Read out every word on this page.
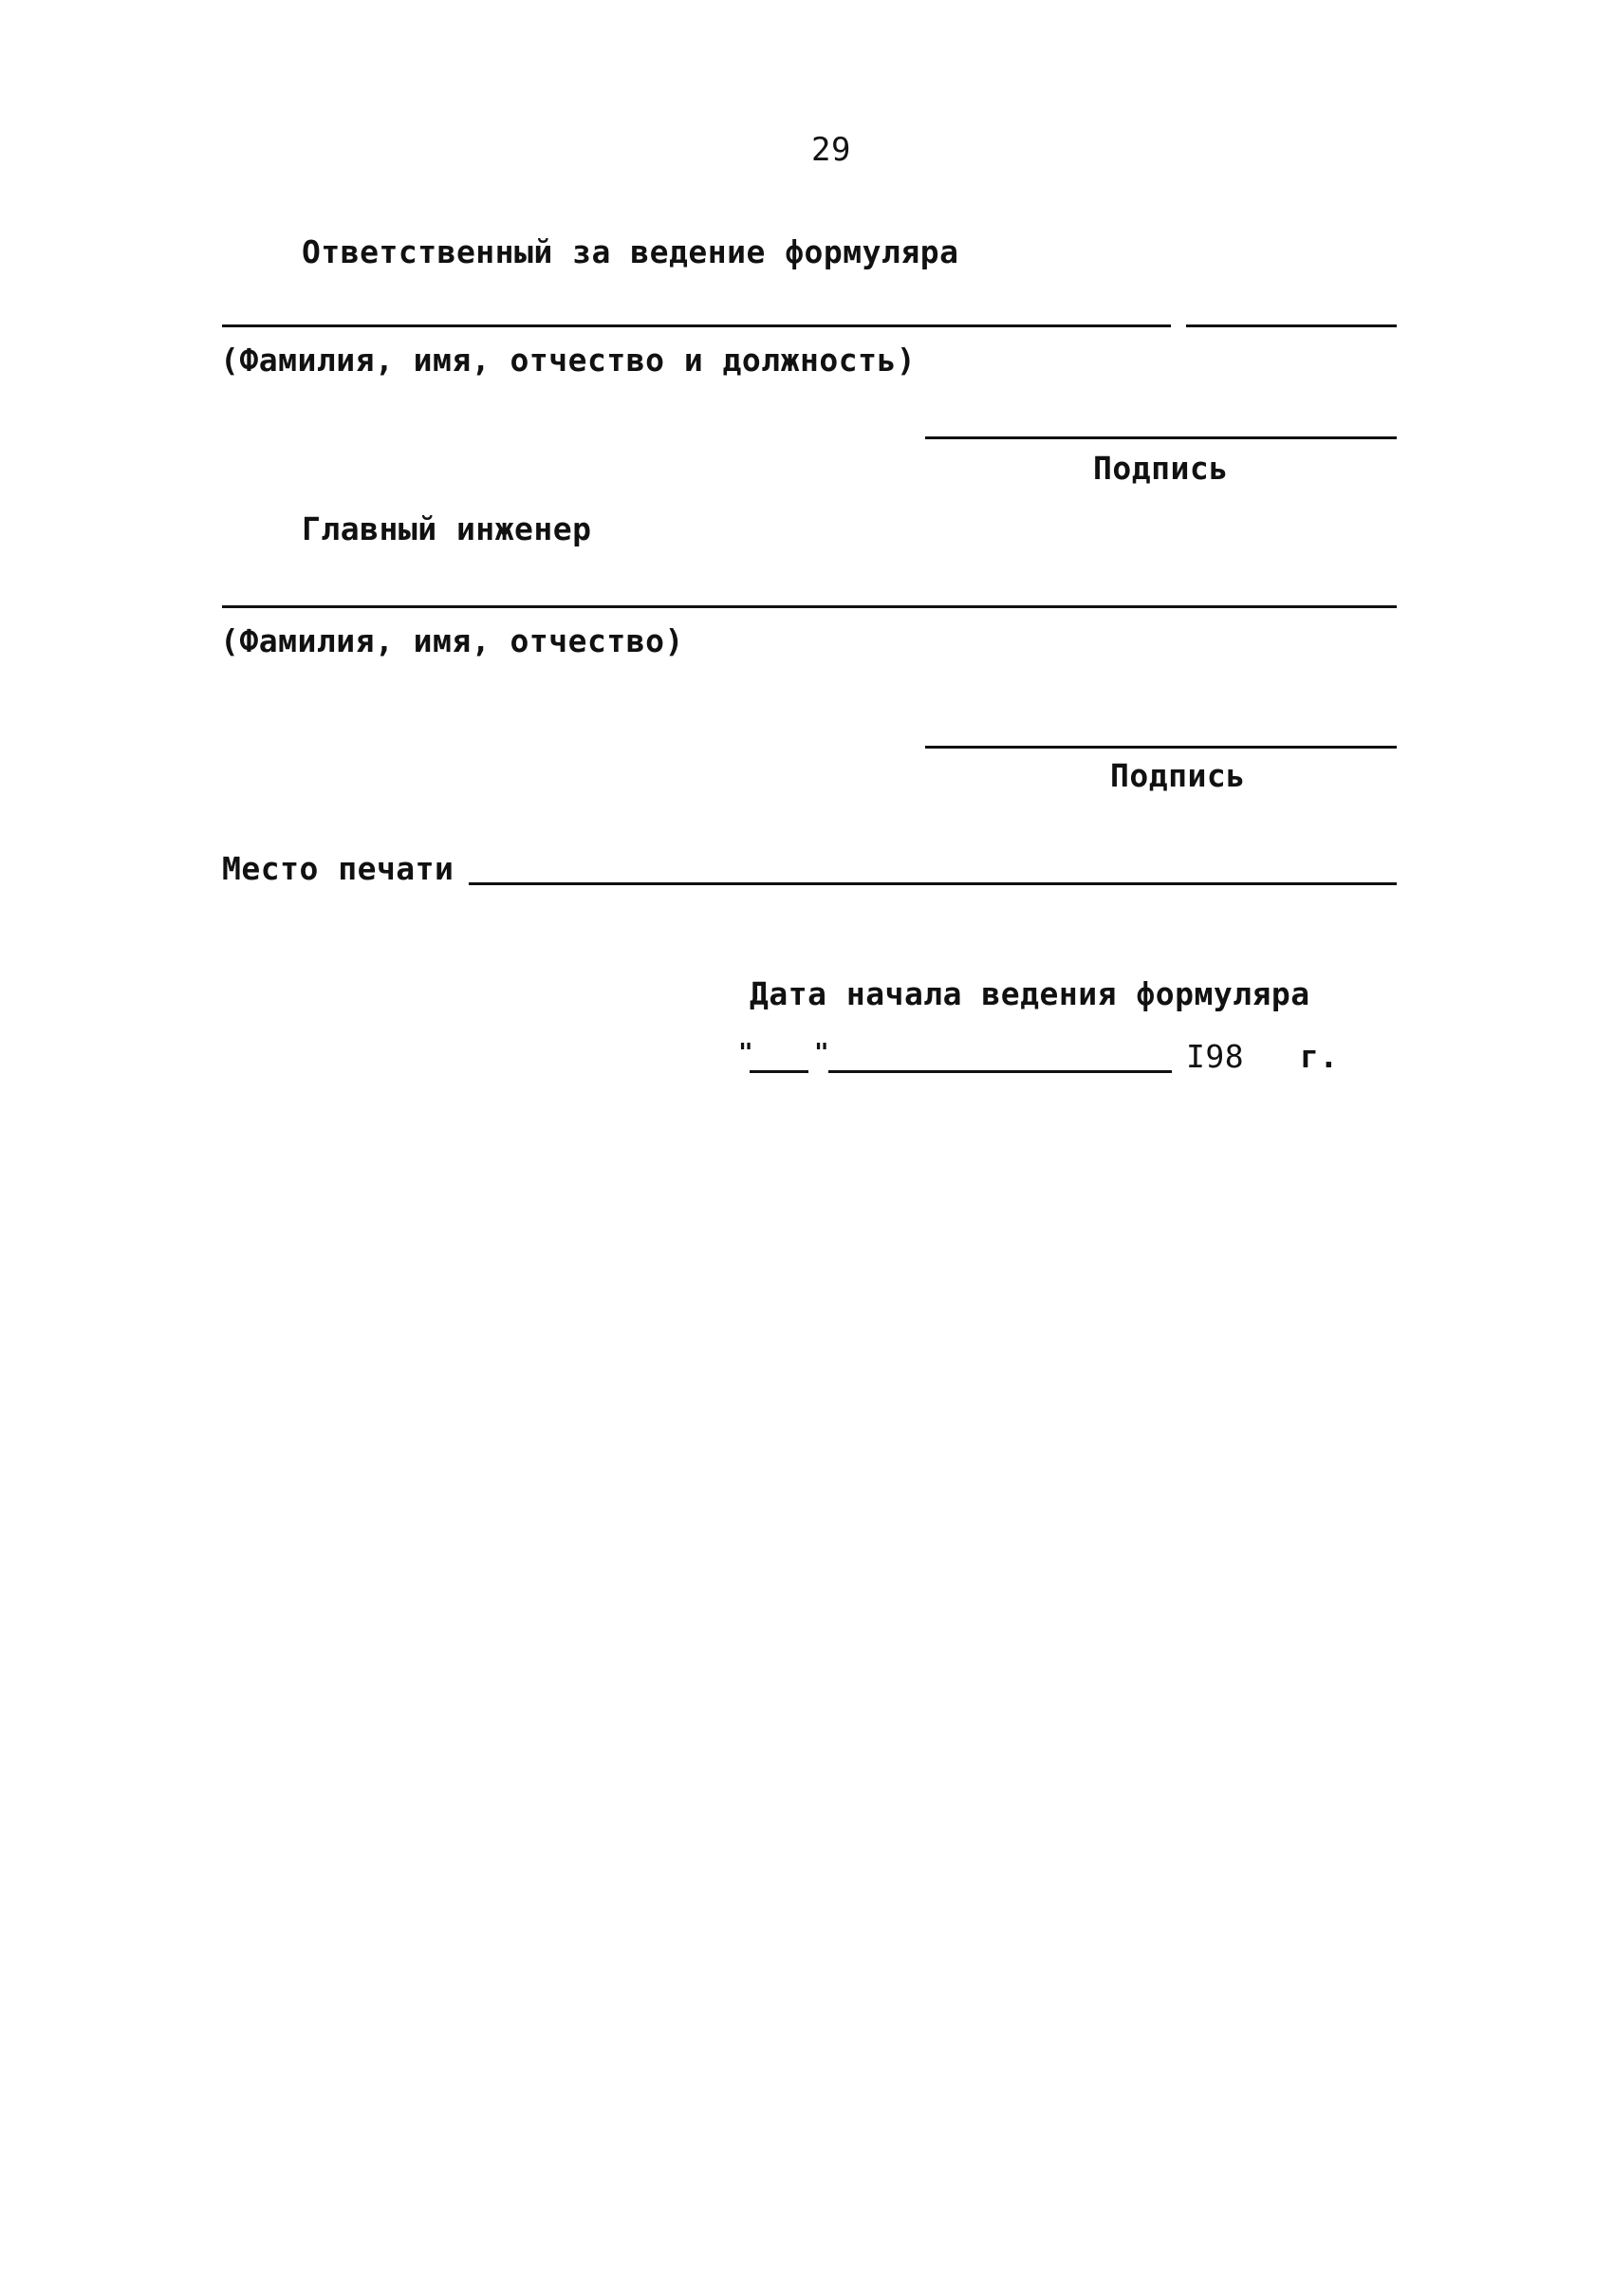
29
Ответственный за ведение формуляра
(Фамилия, имя, отчество и должность)
Подпись
Главный инженер
(Фамилия, имя, отчество)
Подпись
Место печати
Дата начала ведения формуляра
" "	I98 г.
